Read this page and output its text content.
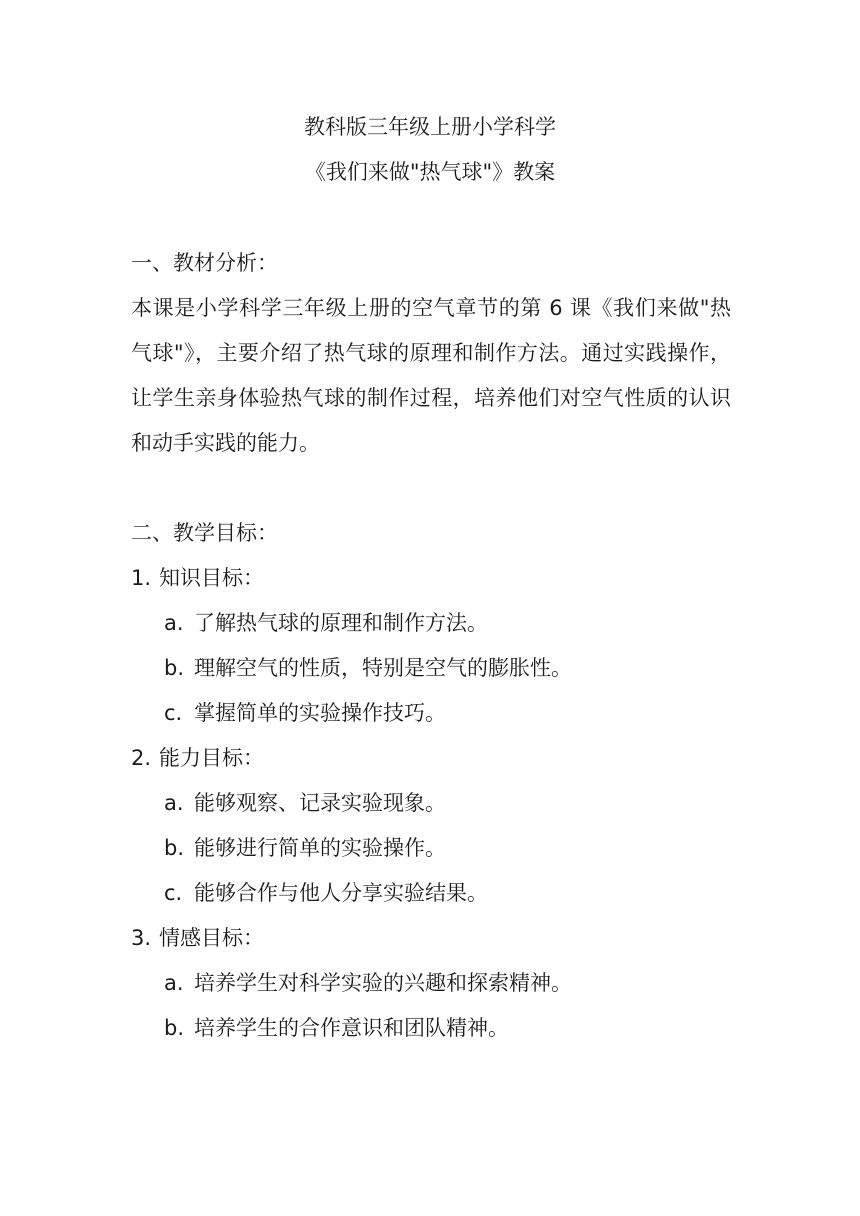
教科版三年级上册小学科学
《我们来做"热气球"》教案
一、教材分析：
本课是小学科学三年级上册的空气章节的第 6 课《我们来做"热气球"》，主要介绍了热气球的原理和制作方法。通过实践操作，让学生亲身体验热气球的制作过程，培养他们对空气性质的认识和动手实践的能力。
二、教学目标：
1. 知识目标：
a. 了解热气球的原理和制作方法。
b. 理解空气的性质，特别是空气的膨胀性。
c. 掌握简单的实验操作技巧。
2. 能力目标：
a. 能够观察、记录实验现象。
b. 能够进行简单的实验操作。
c. 能够合作与他人分享实验结果。
3. 情感目标：
a. 培养学生对科学实验的兴趣和探索精神。
b. 培养学生的合作意识和团队精神。
